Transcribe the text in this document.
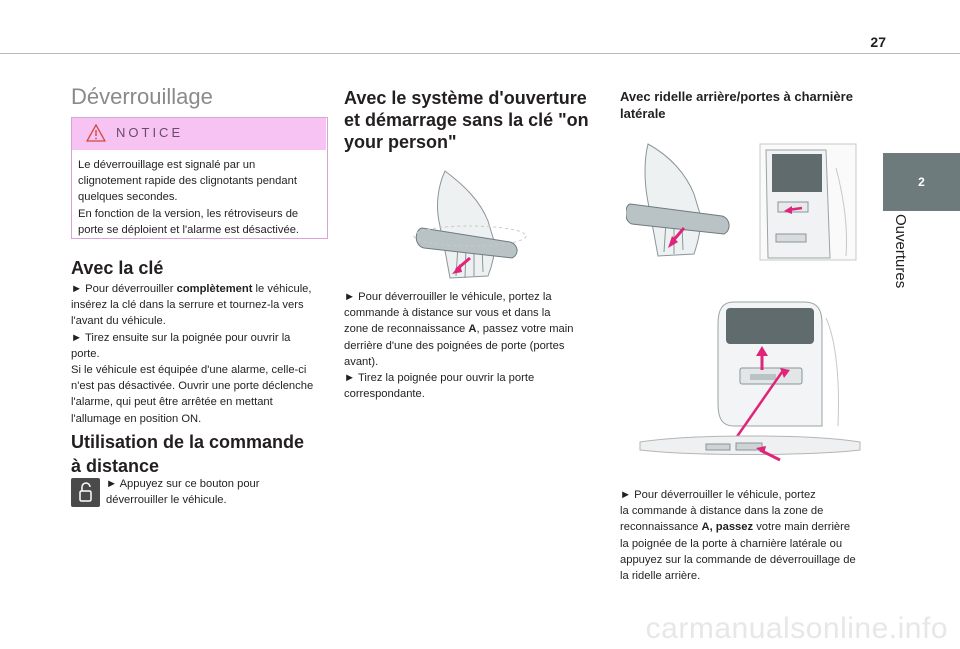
27
2
Ouvertures
Déverrouillage
NOTICE
Le déverrouillage est signalé par un
clignotement rapide des clignotants pendant
quelques secondes.
En fonction de la version, les rétroviseurs de
porte se déploient et l'alarme est désactivée.
Avec la clé
► Pour déverrouiller complètement le véhicule,
insérez la clé dans la serrure et tournez-la vers
l'avant du véhicule.
► Tirez ensuite sur la poignée pour ouvrir la
porte.
Si le véhicule est équipée d'une alarme, celle-ci
n'est pas désactivée. Ouvrir une porte déclenche
l'alarme, qui peut être arrêtée en mettant
l'allumage en position ON.
Utilisation de la commande
à distance
► Appuyez sur ce bouton pour
déverrouiller le véhicule.
Avec le système d'ouverture
et démarrage sans la clé "on
your person"
► Pour déverrouiller le véhicule, portez la
commande à distance sur vous et dans la
zone de reconnaissance A, passez votre main
derrière d'une des poignées de porte (portes
avant).
► Tirez la poignée pour ouvrir la porte
correspondante.
Avec ridelle arrière/portes à charnière
latérale
► Pour déverrouiller le véhicule, portez
la commande à distance dans la zone de
reconnaissance A, passez votre main derrière
la poignée de la porte à charnière latérale ou
appuyez sur la commande de déverrouillage de
la ridelle arrière.
carmanualsonline.info
